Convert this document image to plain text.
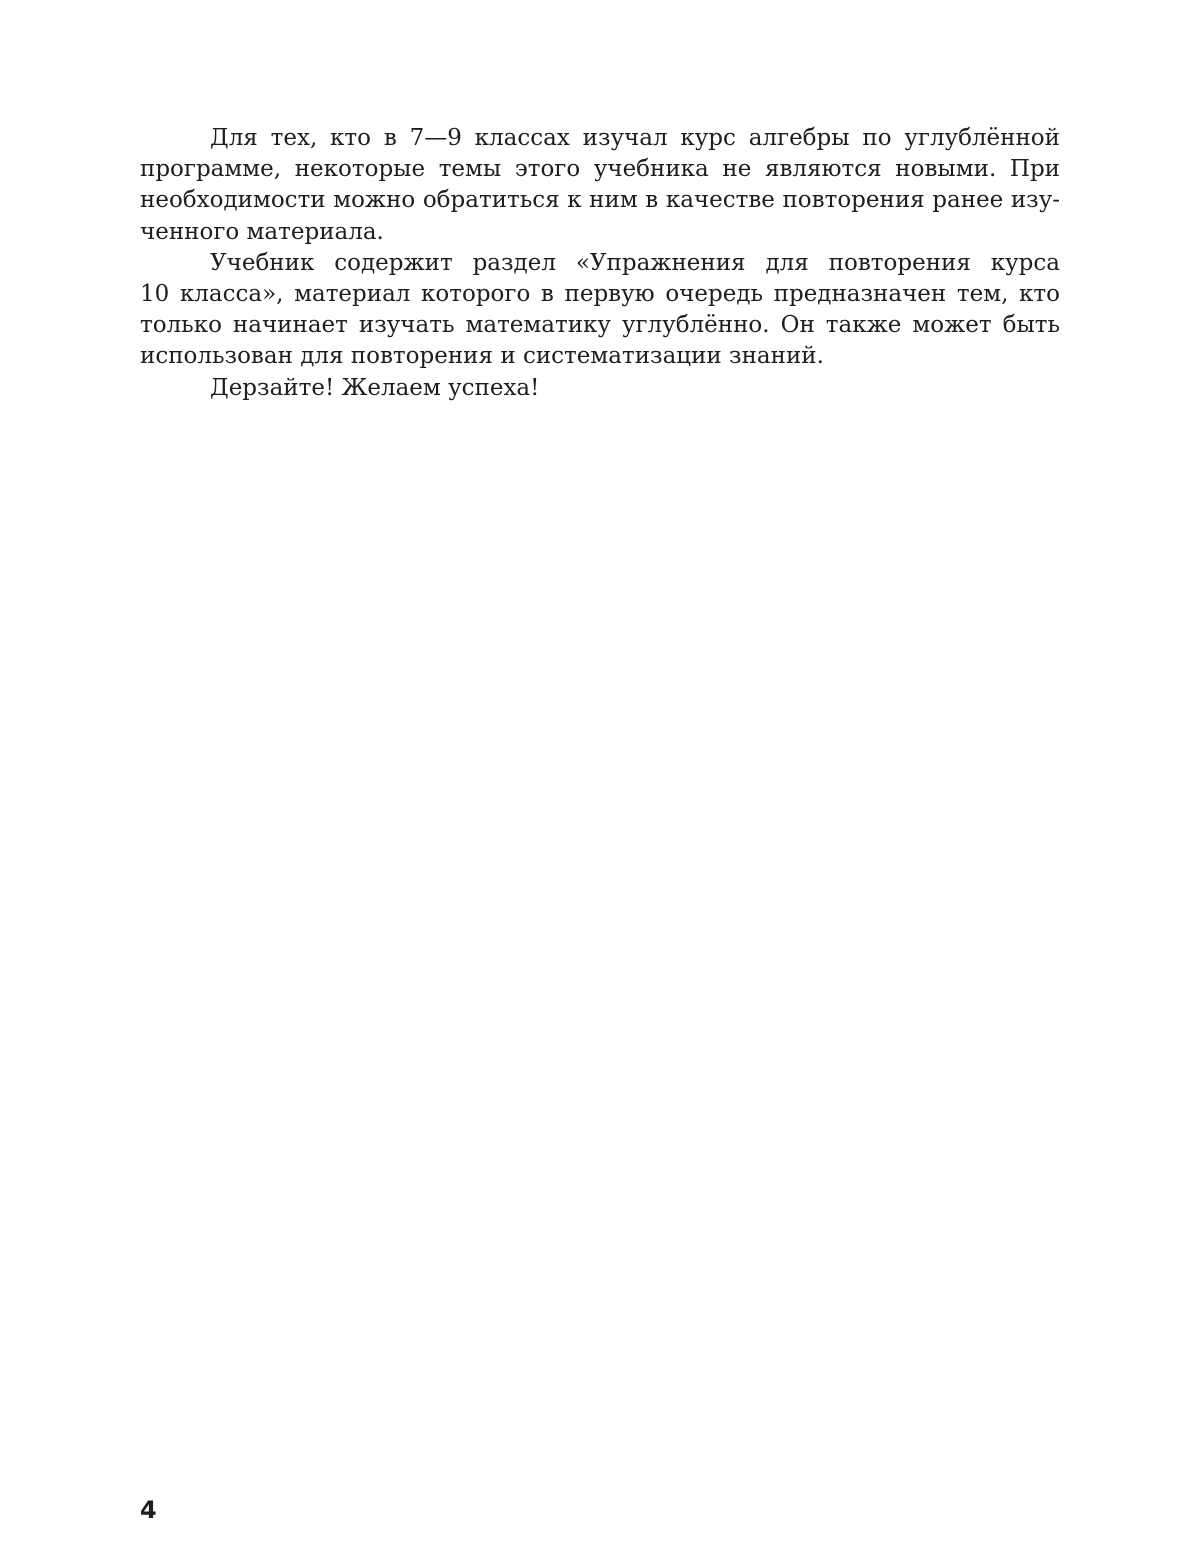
Для тех, кто в 7—9 классах изучал курс алгебры по углублённой
программе, некоторые темы этого учебника не являются новыми. При
необходимости можно обратиться к ним в качестве повторения ранее изу-
ченного материала.
Учебник содержит раздел «Упражнения для повторения курса
10 класса», материал которого в первую очередь предназначен тем, кто
только начинает изучать математику углублённо. Он также может быть
использован для повторения и систематизации знаний.
Дерзайте! Желаем успеха!
4
